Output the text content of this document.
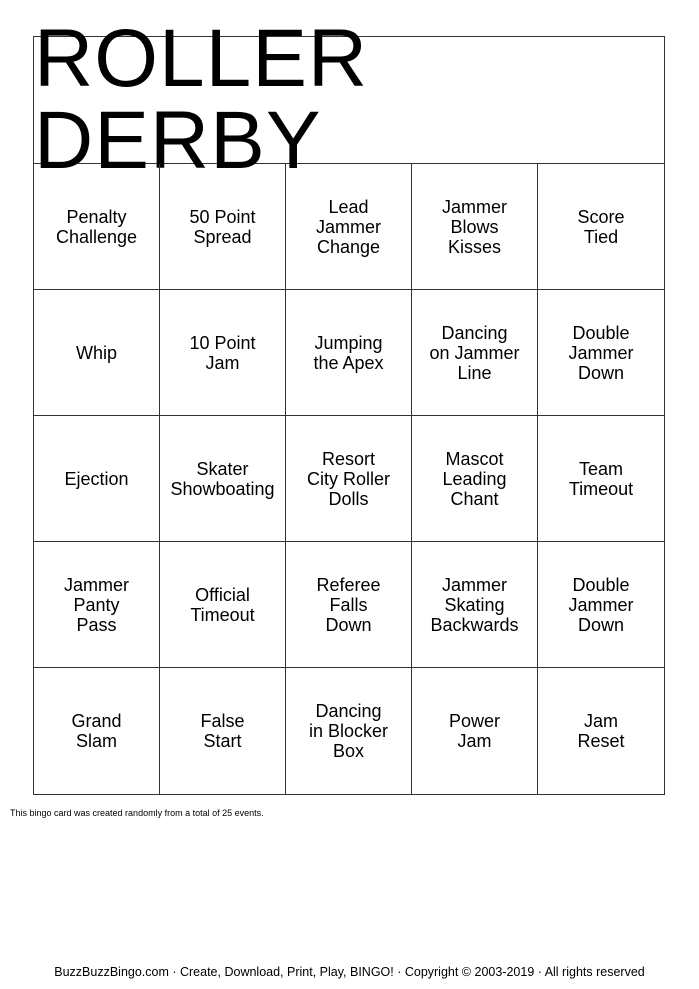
ROLLER DERBY
Penalty
Challenge
50 Point
Spread
Lead
Jammer
Change
Jammer
Blows
Kisses
Score
Tied
Whip	10 Point
Jam
Jumping
the Apex
Dancing
on Jammer
Line
Double
Jammer
Down
Ejection	Skater
Showboating
Resort
City Roller
Dolls
Mascot
Leading
Chant
Team
Timeout
Jammer
Panty
Pass
Official
Timeout
Referee
Falls
Down
Jammer
Skating
Backwards
Double
Jammer
Down
Grand
Slam
False
Start
Dancing
in Blocker
Box
Power
Jam
Jam
Reset
This bingo card was created randomly from a total of 25 events.
BuzzBuzzBingo.com · Create, Download, Print, Play, BINGO! · Copyright © 2003-2019 · All rights reserved
